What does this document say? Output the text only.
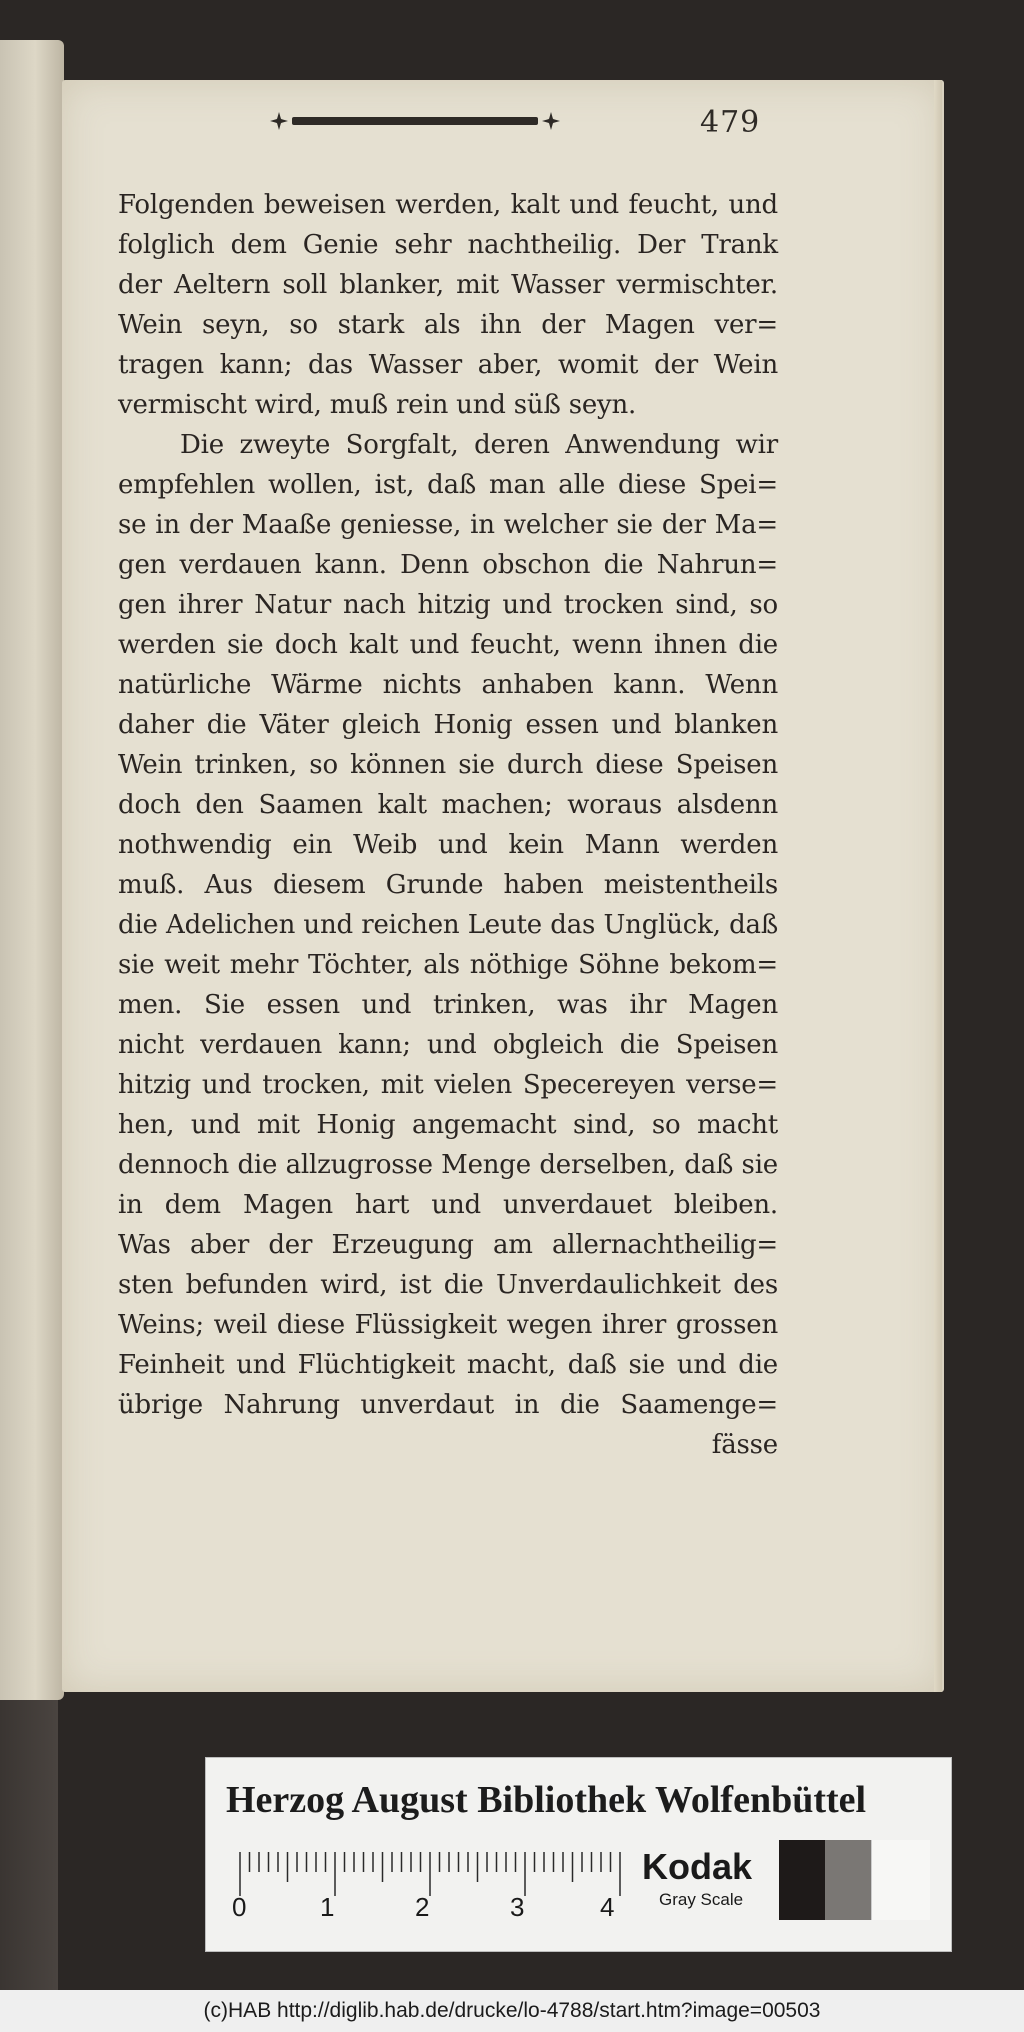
479
Folgenden beweisen werden, kalt und feucht, und
folglich dem Genie sehr nachtheilig. Der Trank
der Aeltern soll blanker, mit Wasser vermischter.
Wein seyn, so stark als ihn der Magen ver=
tragen kann; das Wasser aber, womit der Wein
vermischt wird, muß rein und süß seyn.
Die zweyte Sorgfalt, deren Anwendung wir
empfehlen wollen, ist, daß man alle diese Spei=
se in der Maaße geniesse, in welcher sie der Ma=
gen verdauen kann. Denn obschon die Nahrun=
gen ihrer Natur nach hitzig und trocken sind, so
werden sie doch kalt und feucht, wenn ihnen die
natürliche Wärme nichts anhaben kann. Wenn
daher die Väter gleich Honig essen und blanken
Wein trinken, so können sie durch diese Speisen
doch den Saamen kalt machen; woraus alsdenn
nothwendig ein Weib und kein Mann werden
muß. Aus diesem Grunde haben meistentheils
die Adelichen und reichen Leute das Unglück, daß
sie weit mehr Töchter, als nöthige Söhne bekom=
men. Sie essen und trinken, was ihr Magen
nicht verdauen kann; und obgleich die Speisen
hitzig und trocken, mit vielen Specereyen verse=
hen, und mit Honig angemacht sind, so macht
dennoch die allzugrosse Menge derselben, daß sie
in dem Magen hart und unverdauet bleiben.
Was aber der Erzeugung am allernachtheilig=
sten befunden wird, ist die Unverdaulichkeit des
Weins; weil diese Flüssigkeit wegen ihrer grossen
Feinheit und Flüchtigkeit macht, daß sie und die
übrige Nahrung unverdaut in die Saamenge=
fässe
Herzog August Bibliothek Wolfenbüttel
0	1	2	3	4
Kodak
Gray Scale
(c)HAB http://diglib.hab.de/drucke/lo-4788/start.htm?image=00503
